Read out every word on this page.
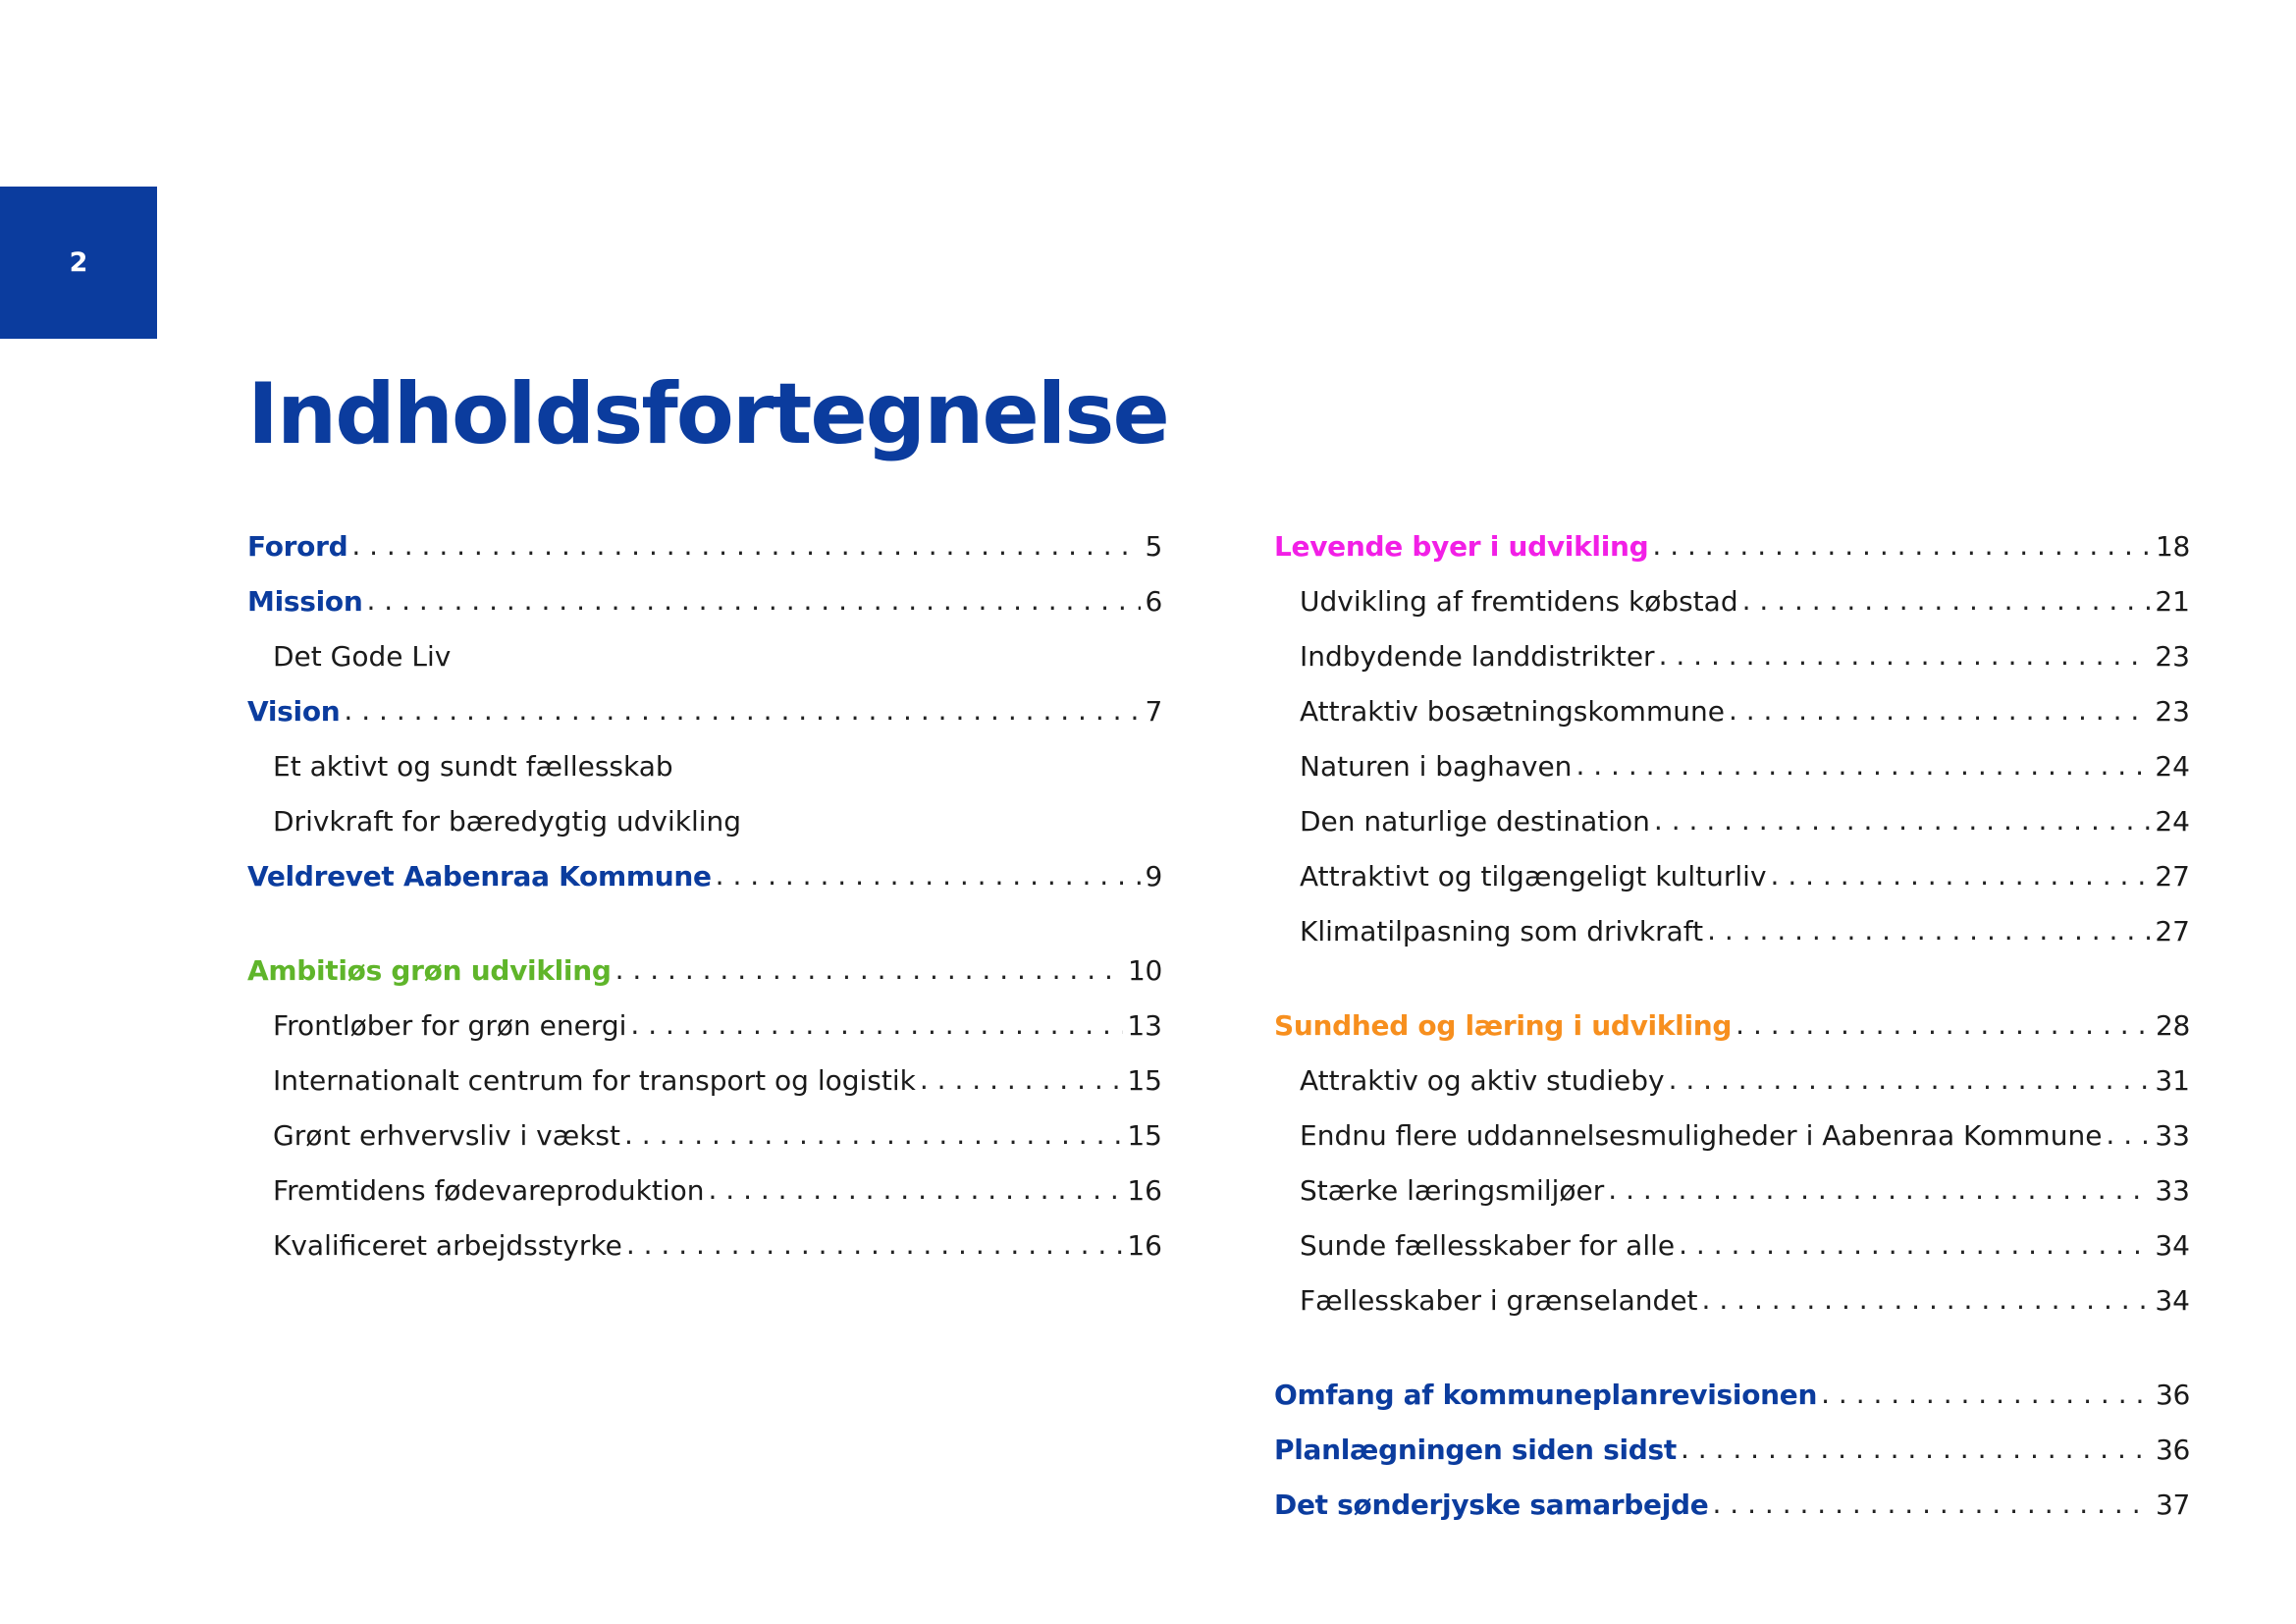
2
Indholdsfortegnelse
Forord . . .	5
Mission . . .	6
Det Gode Liv
Vision . . .	7
Et aktivt og sundt fællesskab
Drivkraft for bæredygtig udvikling
Veldrevet Aabenraa Kommune . . .	9
Ambitiøs grøn udvikling . . .	10
Frontløber for grøn energi . . .	13
Internationalt centrum for transport og logistik . . .	15
Grønt erhvervsliv i vækst . . .	15
Fremtidens fødevareproduktion . . .	16
Kvalificeret arbejdsstyrke . . .	16
Levende byer i udvikling . . .	18
Udvikling af fremtidens købstad . . .	21
Indbydende landdistrikter . . .	23
Attraktiv bosætningskommune . . .	23
Naturen i baghaven . . .	24
Den naturlige destination . . .	24
Attraktivt og tilgængeligt kulturliv . . .	27
Klimatilpasning som drivkraft . . .	27
Sundhed og læring i udvikling . . .	28
Attraktiv og aktiv studieby . . .	31
Endnu flere uddannelsesmuligheder i Aabenraa Kommune . . . 33
Stærke læringsmiljøer . . .	33
Sunde fællesskaber for alle . . .	34
Fællesskaber i grænselandet . . .	34
Omfang af kommuneplanrevisionen . . .	36
Planlægningen siden sidst . . .	36
Det sønderjyske samarbejde . . .	37
